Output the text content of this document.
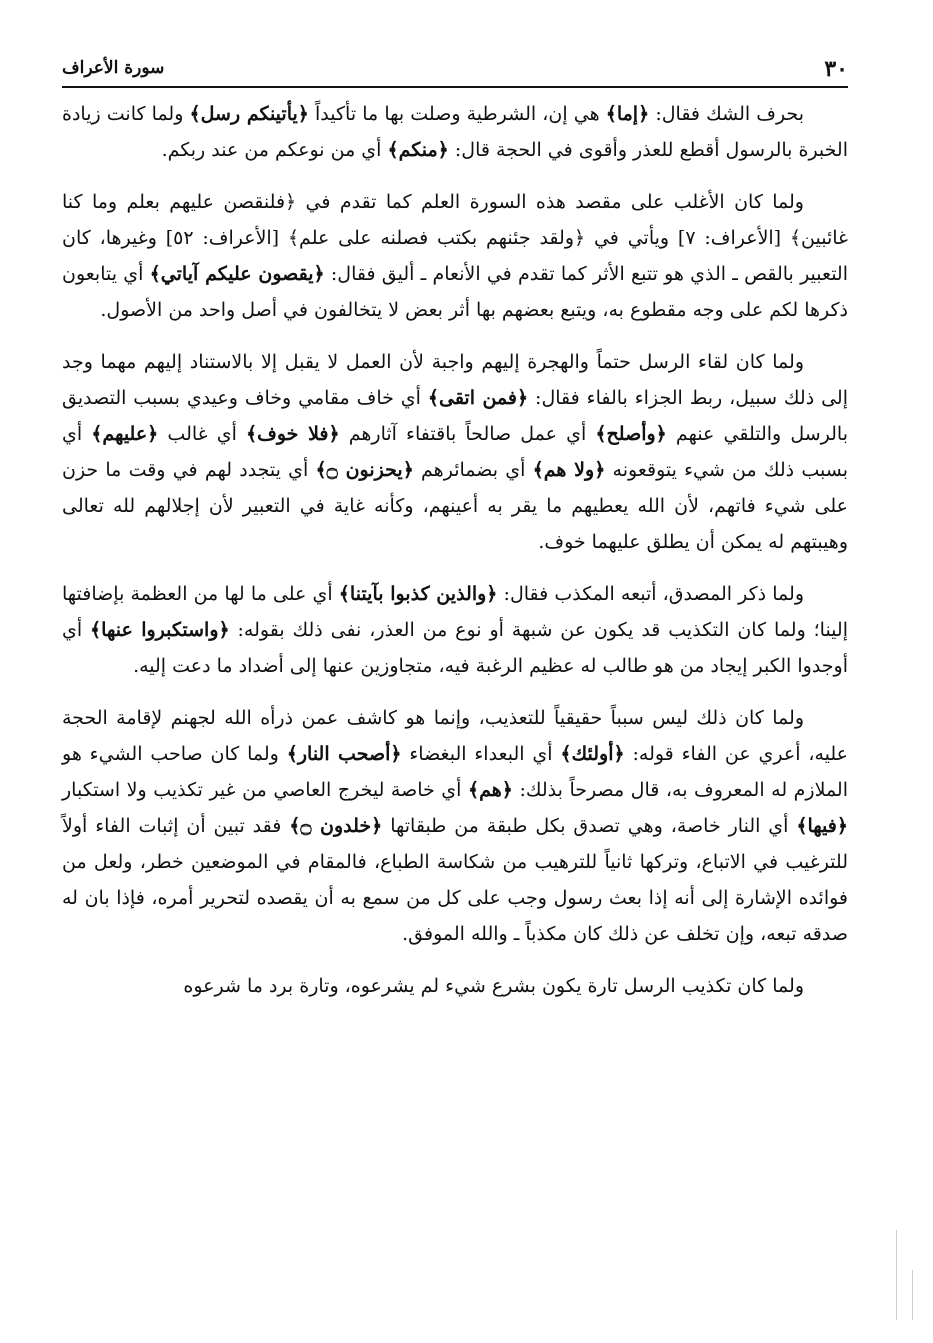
٣٠
سورة الأعراف

بحرف الشك فقال: ﴿إما﴾ هي إن، الشرطية وصلت بها ما تأكيداً ﴿يأتينكم رسل﴾ ولما كانت زيادة الخبرة بالرسول أقطع للعذر وأقوى في الحجة قال: ﴿منكم﴾ أي من نوعكم من عند ربكم.

ولما كان الأغلب على مقصد هذه السورة العلم كما تقدم في ﴿فلنقصن عليهم بعلم وما كنا غائبين﴾ [الأعراف: ٧] ويأتي في ﴿ولقد جئنهم بكتب فصلنه على علم﴾ [الأعراف: ٥٢] وغيرها، كان التعبير بالقص ـ الذي هو تتبع الأثر كما تقدم في الأنعام ـ أليق فقال: ﴿يقصون عليكم آياتي﴾ أي يتابعون ذكرها لكم على وجه مقطوع به، ويتبع بعضهم بها أثر بعض لا يتخالفون في أصل واحد من الأصول.

ولما كان لقاء الرسل حتماً والهجرة إليهم واجبة لأن العمل لا يقبل إلا بالاستناد إليهم مهما وجد إلى ذلك سبيل، ربط الجزاء بالفاء فقال: ﴿فمن اتقى﴾ أي خاف مقامي وخاف وعيدي بسبب التصديق بالرسل والتلقي عنهم ﴿وأصلح﴾ أي عمل صالحاً باقتفاء آثارهم ﴿فلا خوف﴾ أي غالب ﴿عليهم﴾ أي بسبب ذلك من شيء يتوقعونه ﴿ولا هم﴾ أي بضمائرهم ﴿يحزنون ۝﴾ أي يتجدد لهم في وقت ما حزن على شيء فاتهم، لأن الله يعطيهم ما يقر به أعينهم، وكأنه غاية في التعبير لأن إجلالهم لله تعالى وهيبتهم له يمكن أن يطلق عليهما خوف.

ولما ذكر المصدق، أتبعه المكذب فقال: ﴿والذين كذبوا بآيتنا﴾ أي على ما لها من العظمة بإضافتها إلينا؛ ولما كان التكذيب قد يكون عن شبهة أو نوع من العذر، نفى ذلك بقوله: ﴿واستكبروا عنها﴾ أي أوجدوا الكبر إيجاد من هو طالب له عظيم الرغبة فيه، متجاوزين عنها إلى أضداد ما دعت إليه.

ولما كان ذلك ليس سبباً حقيقياً للتعذيب، وإنما هو كاشف عمن ذرأه الله لجهنم لإقامة الحجة عليه، أعري عن الفاء قوله: ﴿أولئك﴾ أي البعداء البغضاء ﴿أصحب النار﴾ ولما كان صاحب الشيء هو الملازم له المعروف به، قال مصرحاً بذلك: ﴿هم﴾ أي خاصة ليخرج العاصي من غير تكذيب ولا استكبار ﴿فيها﴾ أي النار خاصة، وهي تصدق بكل طبقة من طبقاتها ﴿خلدون ۝﴾ فقد تبين أن إثبات الفاء أولاً للترغيب في الاتباع، وتركها ثانياً للترهيب من شكاسة الطباع، فالمقام في الموضعين خطر، ولعل من فوائده الإشارة إلى أنه إذا بعث رسول وجب على كل من سمع به أن يقصده لتحرير أمره، فإذا بان له صدقه تبعه، وإن تخلف عن ذلك كان مكذباً ـ والله الموفق.

ولما كان تكذيب الرسل تارة يكون بشرع شيء لم يشرعوه، وتارة برد ما شرعوه
